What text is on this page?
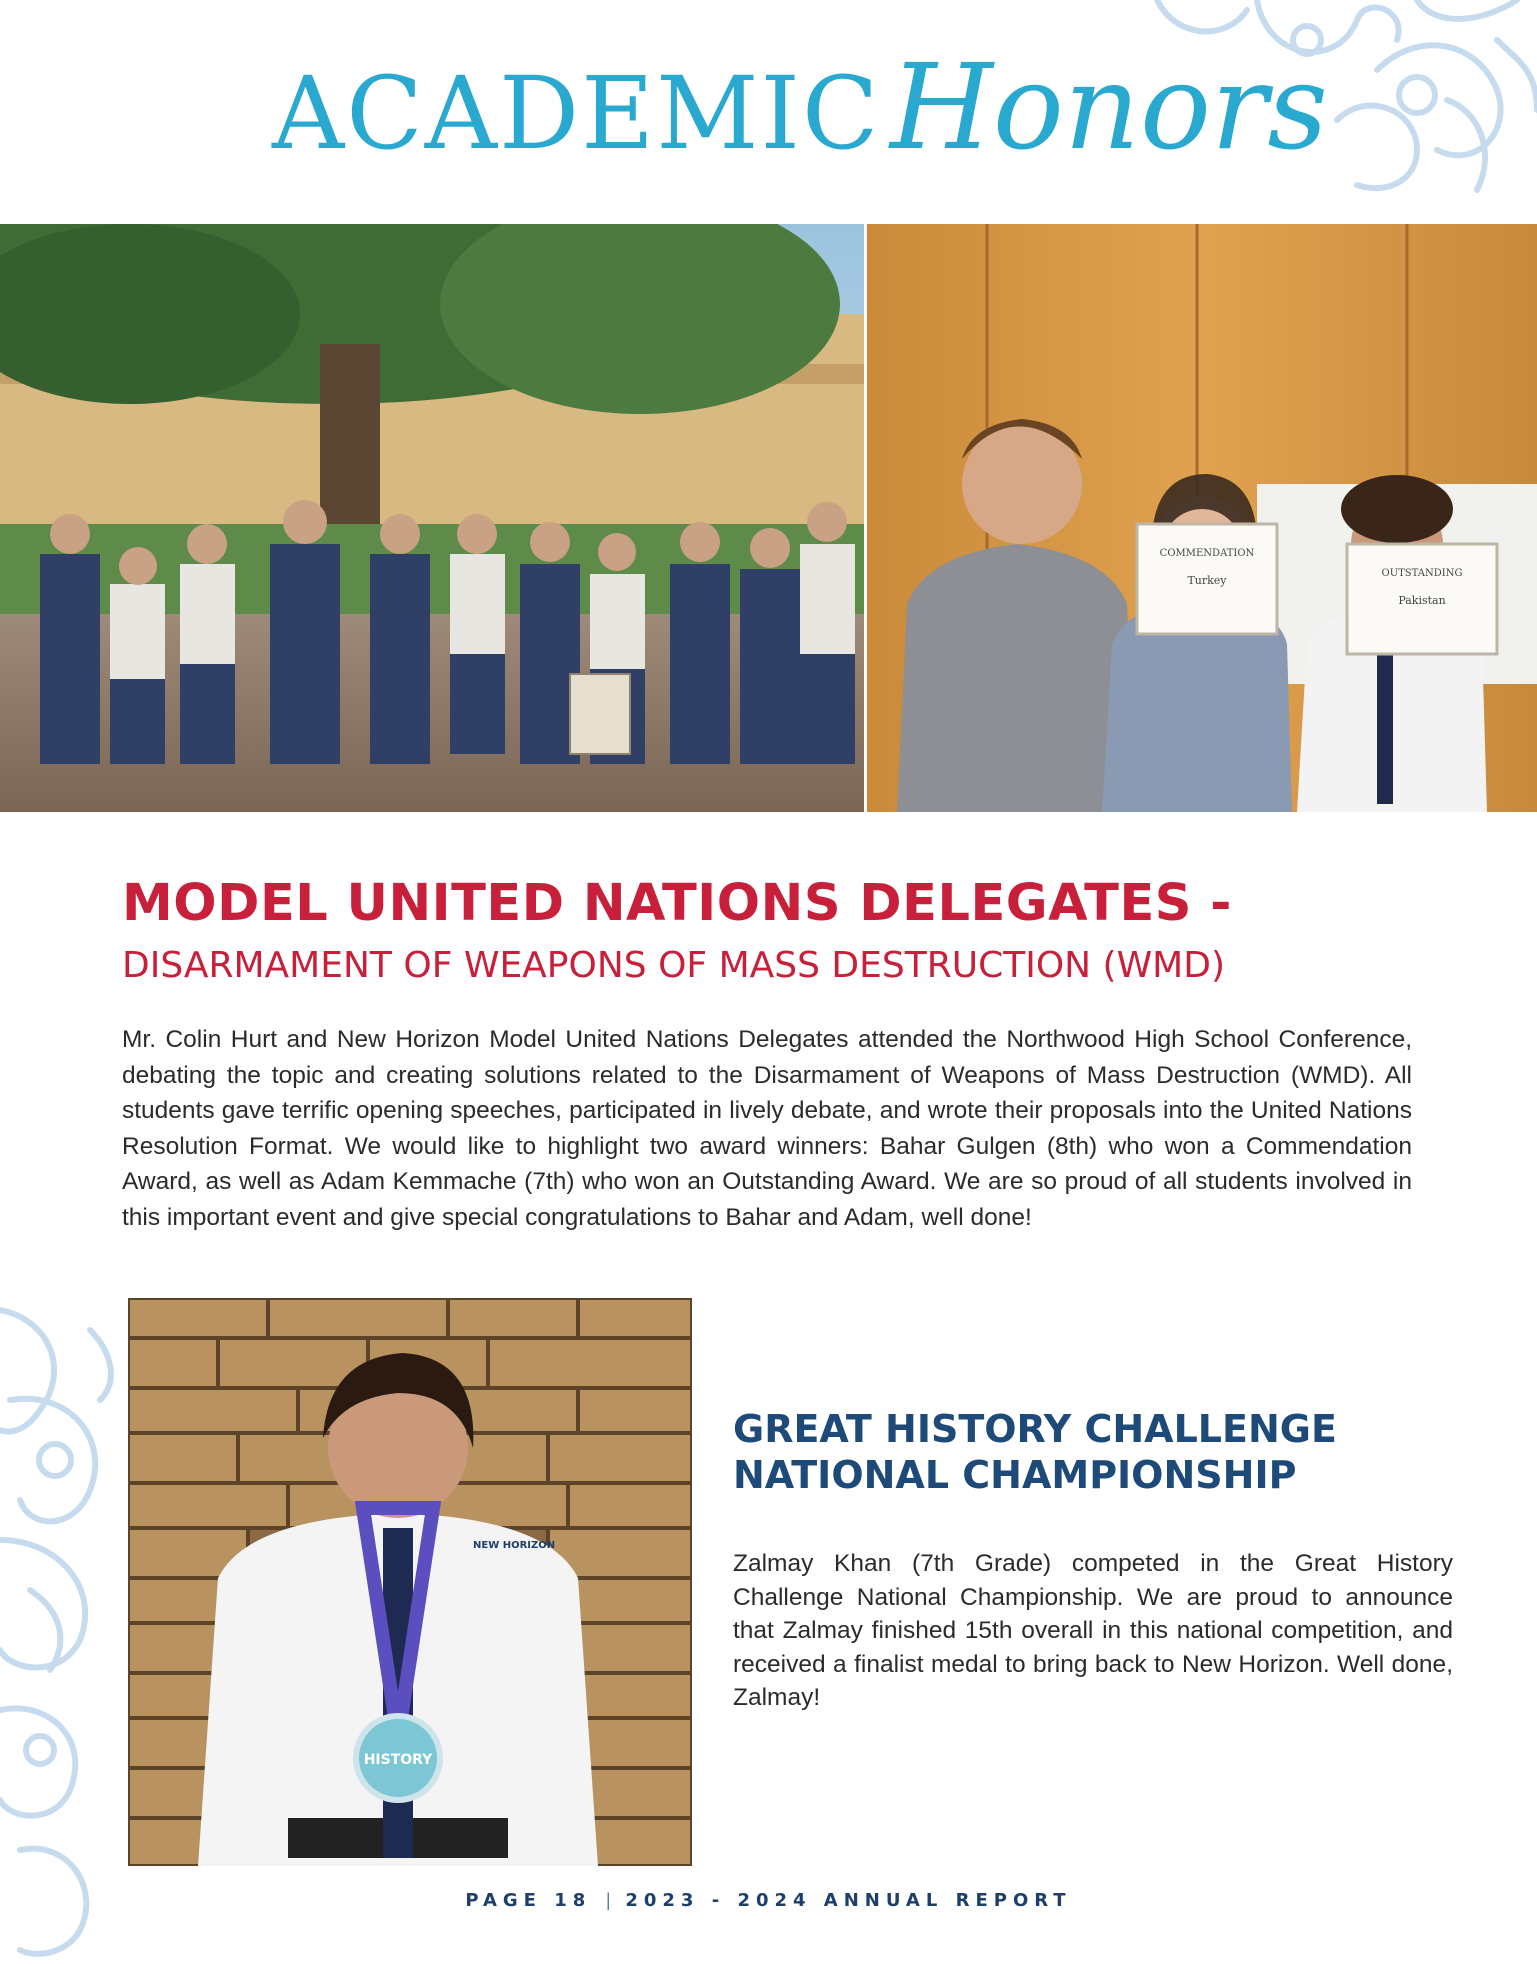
ACADEMIC Honors
COMMENDATION
Turkey
OUTSTANDING
Pakistan
MODEL UNITED NATIONS DELEGATES -
DISARMAMENT OF WEAPONS OF MASS DESTRUCTION (WMD)

Mr. Colin Hurt and New Horizon Model United Nations Delegates attended the Northwood High School Conference, debating the topic and creating solutions related to the Disarmament of Weapons of Mass Destruction (WMD). All students gave terrific opening speeches, participated in lively debate, and wrote their proposals into the United Nations Resolution Format. We would like to highlight two award winners: Bahar Gulgen (8th) who won a Commendation Award, as well as Adam Kemmache (7th) who won an Outstanding Award. We are so proud of all students involved in this important event and give special congratulations to Bahar and Adam, well done!

HISTORY
NEW HORIZON
GREAT HISTORY CHALLENGE
NATIONAL CHAMPIONSHIP

Zalmay Khan (7th Grade) competed in the Great History Challenge National Championship. We are proud to announce that Zalmay finished 15th overall in this national competition, and received a finalist medal to bring back to New Horizon. Well done, Zalmay!

PAGE 18 | 2023 - 2024 ANNUAL REPORT
